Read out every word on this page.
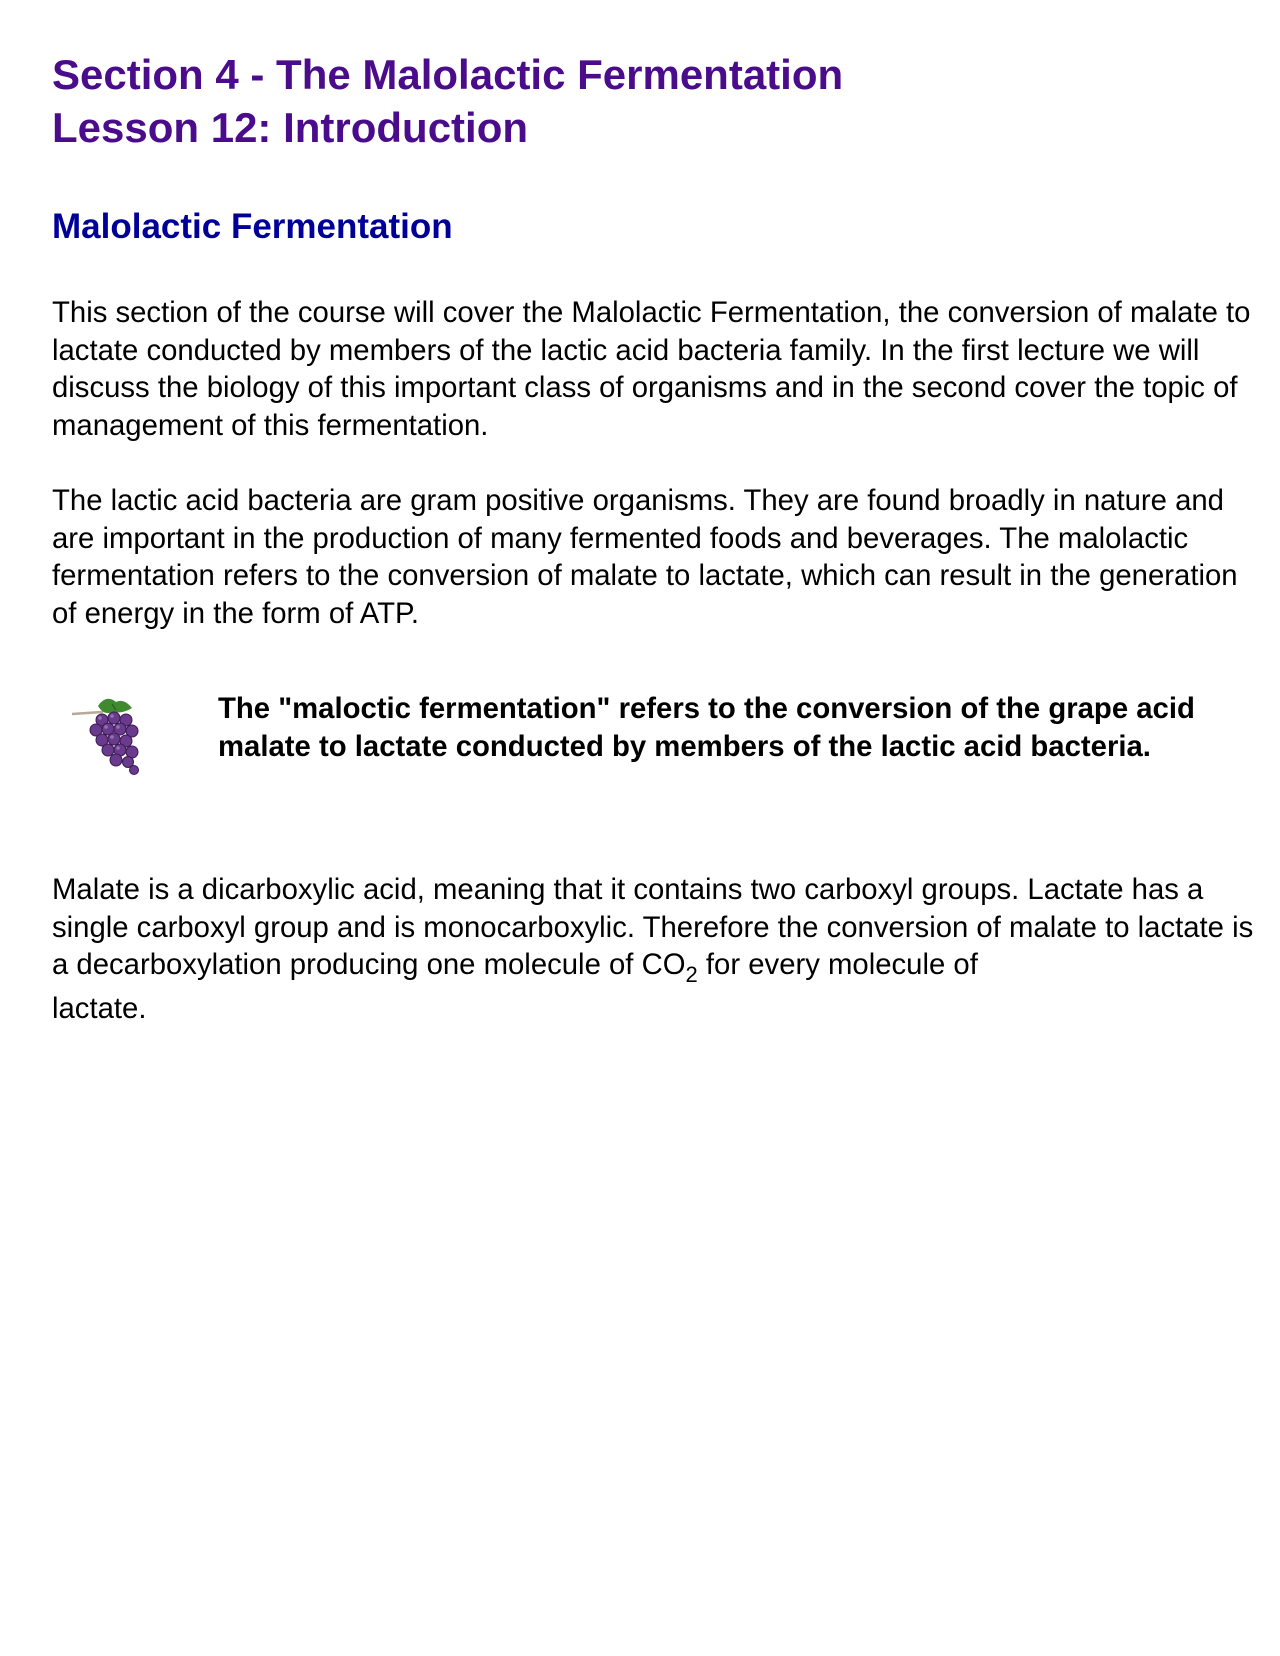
Section 4 - The Malolactic Fermentation
Lesson 12: Introduction
Malolactic Fermentation

This section of the course will cover the Malolactic Fermentation, the conversion of malate to lactate conducted by members of the lactic acid bacteria family. In the first lecture we will discuss the biology of this important class of organisms and in the second cover the topic of management of this fermentation.

The lactic acid bacteria are gram positive organisms. They are found broadly in nature and are important in the production of many fermented foods and beverages. The malolactic fermentation refers to the conversion of malate to lactate, which can result in the generation of energy in the form of ATP.

The "maloctic fermentation" refers to the conversion of the grape acid malate to lactate conducted by members of the lactic acid bacteria.

Malate is a dicarboxylic acid, meaning that it contains two carboxyl groups. Lactate has a single carboxyl group and is monocarboxylic. Therefore the conversion of malate to lactate is a decarboxylation producing one molecule of $CO_2$ for every molecule of
lactate.
